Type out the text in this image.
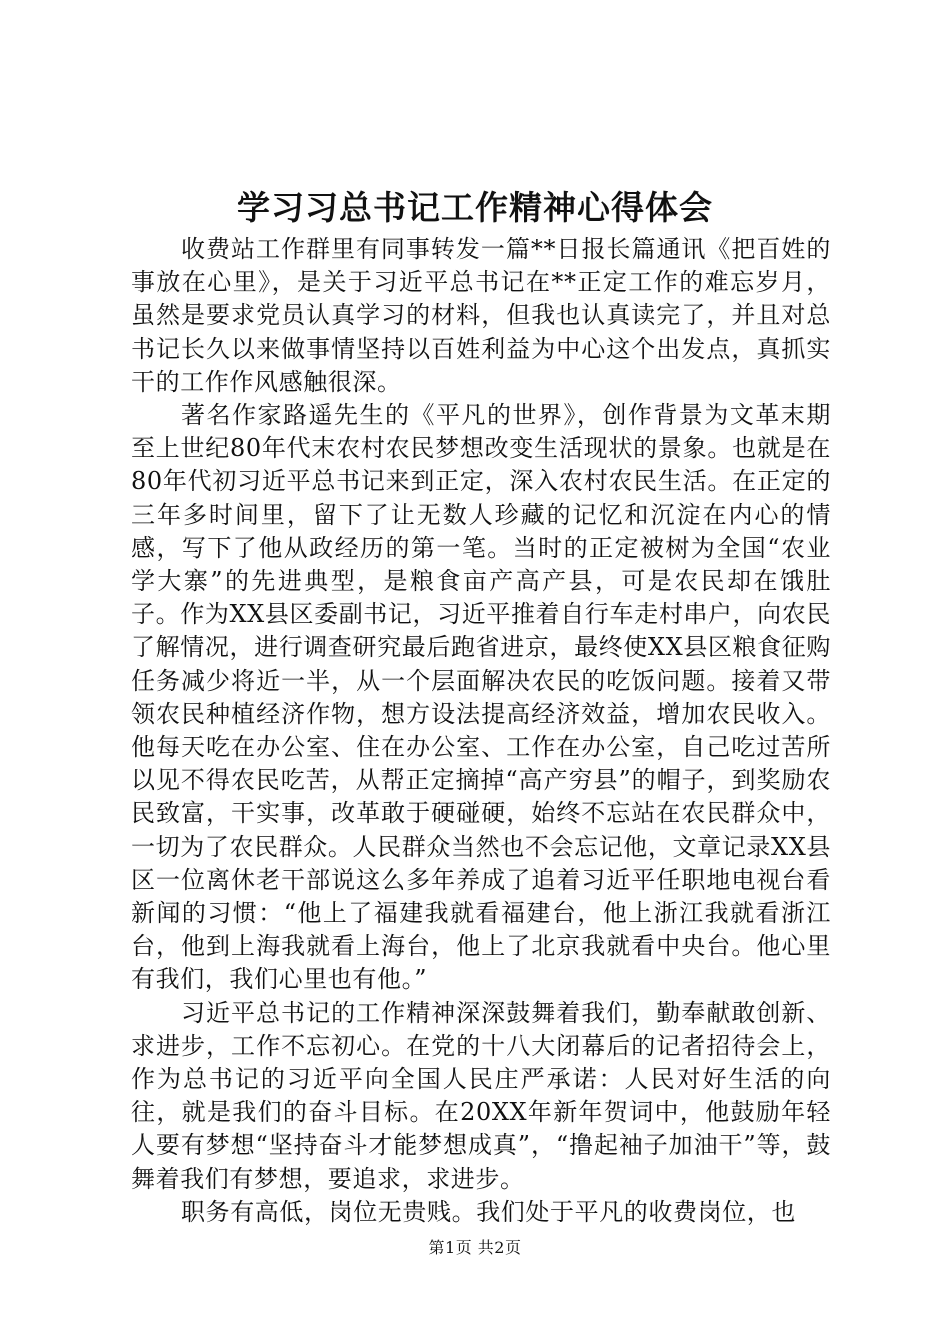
学习习总书记工作精神心得体会

收费站工作群里有同事转发一篇**日报长篇通讯《把百姓的事放在心里》，是关于习近平总书记在**正定工作的难忘岁月，虽然是要求党员认真学习的材料，但我也认真读完了，并且对总书记长久以来做事情坚持以百姓利益为中心这个出发点，真抓实干的工作作风感触很深。

著名作家路遥先生的《平凡的世界》，创作背景为文革末期至上世纪80年代末农村农民梦想改变生活现状的景象。也就是在80年代初习近平总书记来到正定，深入农村农民生活。在正定的三年多时间里，留下了让无数人珍藏的记忆和沉淀在内心的情感，写下了他从政经历的第一笔。当时的正定被树为全国“农业学大寨”的先进典型，是粮食亩产高产县，可是农民却在饿肚子。作为XX县区委副书记，习近平推着自行车走村串户，向农民了解情况，进行调查研究最后跑省进京，最终使XX县区粮食征购任务减少将近一半，从一个层面解决农民的吃饭问题。接着又带领农民种植经济作物，想方设法提高经济效益，增加农民收入。他每天吃在办公室、住在办公室、工作在办公室，自己吃过苦所以见不得农民吃苦，从帮正定摘掉“高产穷县”的帽子，到奖励农民致富，干实事，改革敢于硬碰硬，始终不忘站在农民群众中，一切为了农民群众。人民群众当然也不会忘记他，文章记录XX县区一位离休老干部说这么多年养成了追着习近平任职地电视台看新闻的习惯：“他上了福建我就看福建台，他上浙江我就看浙江台，他到上海我就看上海台，他上了北京我就看中央台。他心里有我们，我们心里也有他。”

习近平总书记的工作精神深深鼓舞着我们，勤奉献敢创新、求进步，工作不忘初心。在党的十八大闭幕后的记者招待会上，作为总书记的习近平向全国人民庄严承诺：人民对好生活的向往，就是我们的奋斗目标。在20XX年新年贺词中，他鼓励年轻人要有梦想“坚持奋斗才能梦想成真”，“撸起袖子加油干”等，鼓舞着我们有梦想，要追求，求进步。

职务有高低，岗位无贵贱。我们处于平凡的收费岗位，也

第1页 共2页
